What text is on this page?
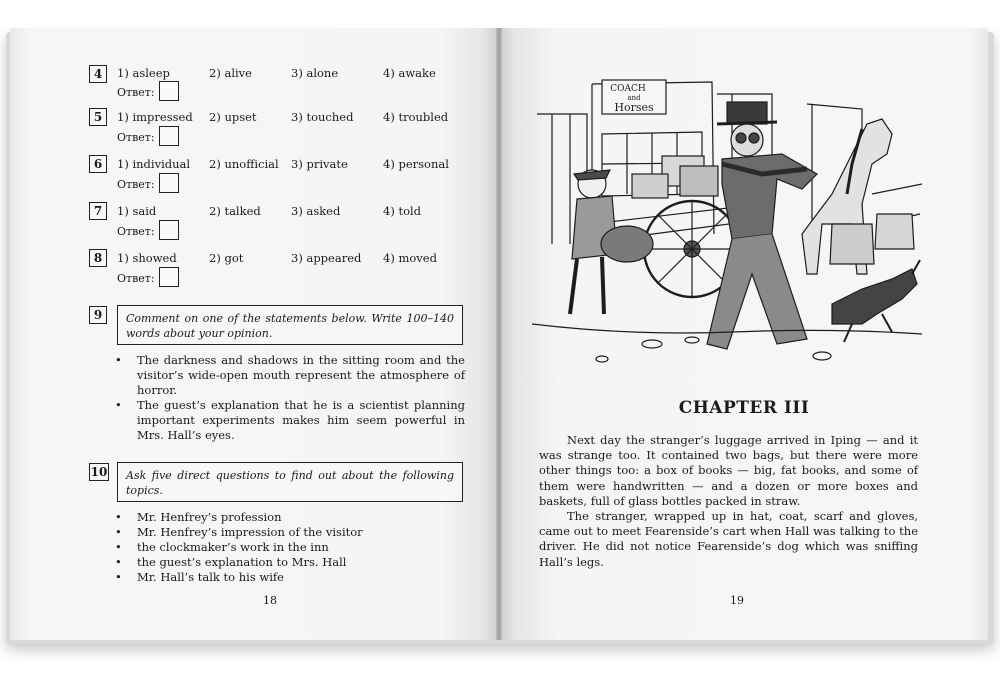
4	1) asleep	2) alive	3) alone	4) awake
Ответ:
5	1) impressed 2) upset	3) touched	4) troubled
Ответ:
6	1) individual 2) unofficial 3) private	4) personal
Ответ:
7	1) said	2) talked	3) asked	4) told
Ответ:
8	1) showed	2) got	3) appeared 4) moved
Ответ:
9	Comment on one of the statements below. Write 100–140 words about your opinion.
• The darkness and shadows in the sitting room and the visitor’s wide-open mouth represent the atmosphere of horror.
• The guest’s explanation that he is a scientist planning important experiments makes him seem powerful in Mrs. Hall’s eyes.
10	Ask five direct questions to find out about the following topics.
• Mr. Henfrey’s profession
• Mr. Henfrey’s impression of the visitor
• the clockmaker’s work in the inn
• the guest’s explanation to Mrs. Hall
• Mr. Hall’s talk to his wife
18
COACH
and
Horses
CHAPTER III

Next day the stranger’s luggage arrived in Iping — and it was strange too. It contained two bags, but there were more other things too: a box of books — big, fat books, and some of them were handwritten — and a dozen or more boxes and baskets, full of glass bottles packed in straw.

The stranger, wrapped up in hat, coat, scarf and gloves, came out to meet Fearenside’s cart when Hall was talking to the driver. He did not notice Fearenside’s dog which was sniffing Hall’s legs.

19
